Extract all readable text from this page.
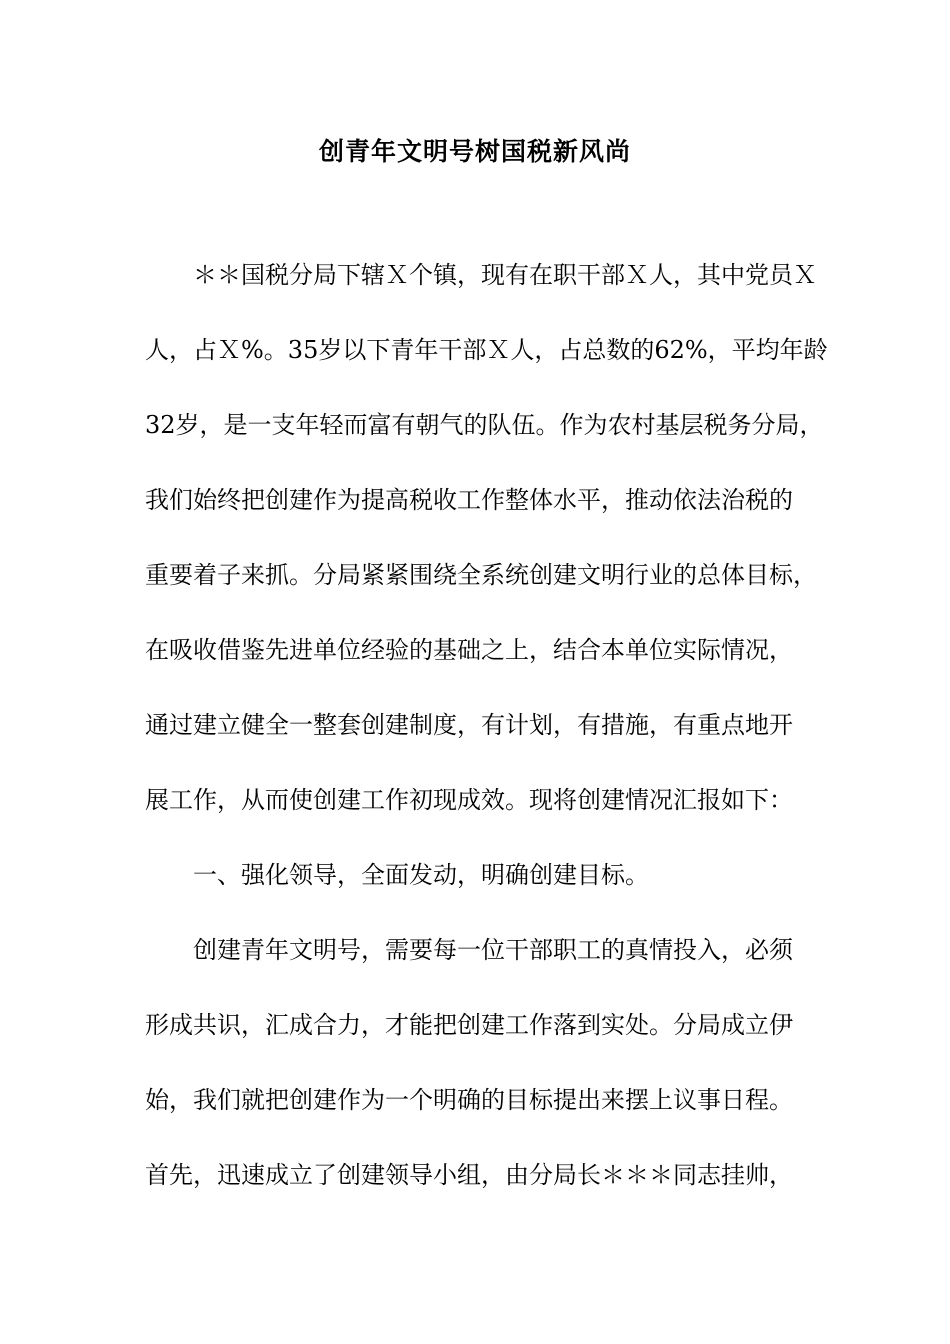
创青年文明号树国税新风尚
　　＊＊国税分局下辖Ｘ个镇，现有在职干部Ｘ人，其中党员Ｘ
人，占Ｘ%。35岁以下青年干部Ｘ人，占总数的62%，平均年龄
32岁，是一支年轻而富有朝气的队伍。作为农村基层税务分局，
我们始终把创建作为提高税收工作整体水平，推动依法治税的
重要着子来抓。分局紧紧围绕全系统创建文明行业的总体目标，
在吸收借鉴先进单位经验的基础之上，结合本单位实际情况，
通过建立健全一整套创建制度，有计划，有措施，有重点地开
展工作，从而使创建工作初现成效。现将创建情况汇报如下：
　　一、强化领导，全面发动，明确创建目标。
　　创建青年文明号，需要每一位干部职工的真情投入，必须
形成共识，汇成合力，才能把创建工作落到实处。分局成立伊
始，我们就把创建作为一个明确的目标提出来摆上议事日程。
首先，迅速成立了创建领导小组，由分局长＊＊＊同志挂帅，
